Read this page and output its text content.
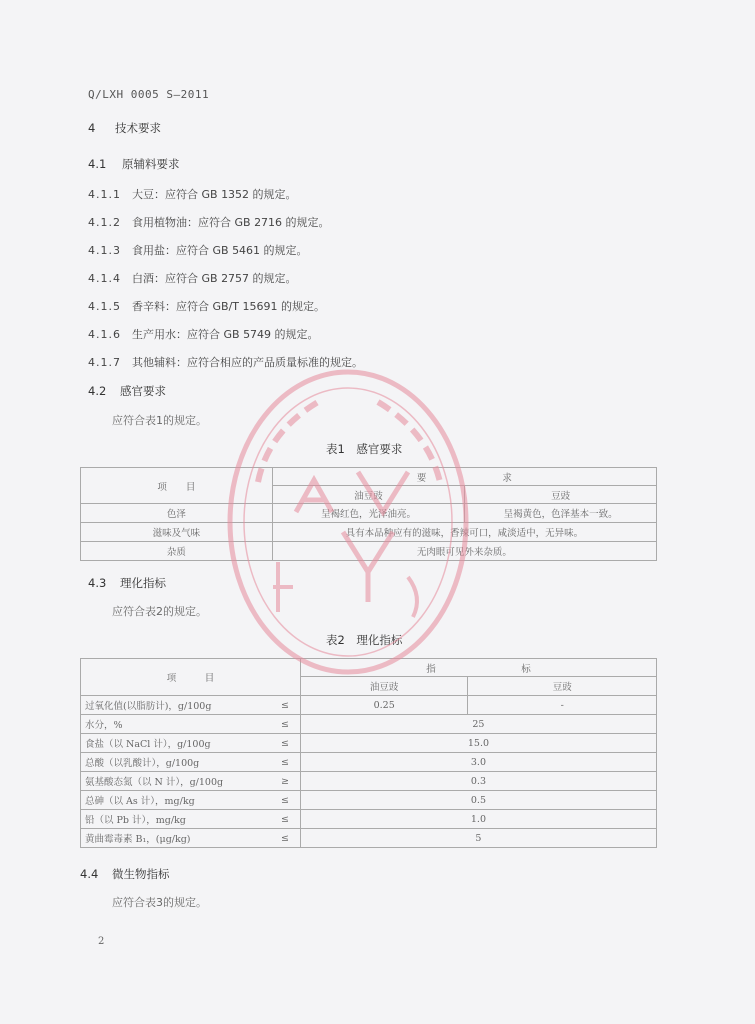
Q/LXH 0005 S—2011
4 技术要求
4.1 原辅料要求
4.1.1 大豆：应符合 GB 1352 的规定。
4.1.2 食用植物油：应符合 GB 2716 的规定。
4.1.3 食用盐：应符合 GB 5461 的规定。
4.1.4 白酒：应符合 GB 2757 的规定。
4.1.5 香辛料：应符合 GB/T 15691 的规定。
4.1.6 生产用水：应符合 GB 5749 的规定。
4.1.7 其他辅料：应符合相应的产品质量标准的规定。
4.2 感官要求
应符合表1的规定。
表1　感官要求
项　　目	要　　　　　　　　求	
	油豆豉	豆豉
色泽	呈褐红色，光泽油亮。	呈褐黄色，色泽基本一致。
滋味及气味	具有本品种应有的滋味，香辣可口，咸淡适中，无异味。	
杂质	无肉眼可见外来杂质。	
4.3 理化指标
应符合表2的规定。
表2　理化指标
项　　　目		指　　　　　　　　　标	
		油豆豉	豆豉
过氧化值(以脂肪计)，g/100g	≤	0.25	-
水分，%	≤	25	
食盐（以 NaCl 计），g/100g	≤	15.0	
总酸（以乳酸计），g/100g	≤	3.0	
氨基酸态氮（以 N 计），g/100g	≥	0.3	
总砷（以 As 计），mg/kg	≤	0.5	
铅（以 Pb 计），mg/kg	≤	1.0	
黄曲霉毒素 B₁，(μg/kg)	≤	5	
4.4 微生物指标
应符合表3的规定。
2
